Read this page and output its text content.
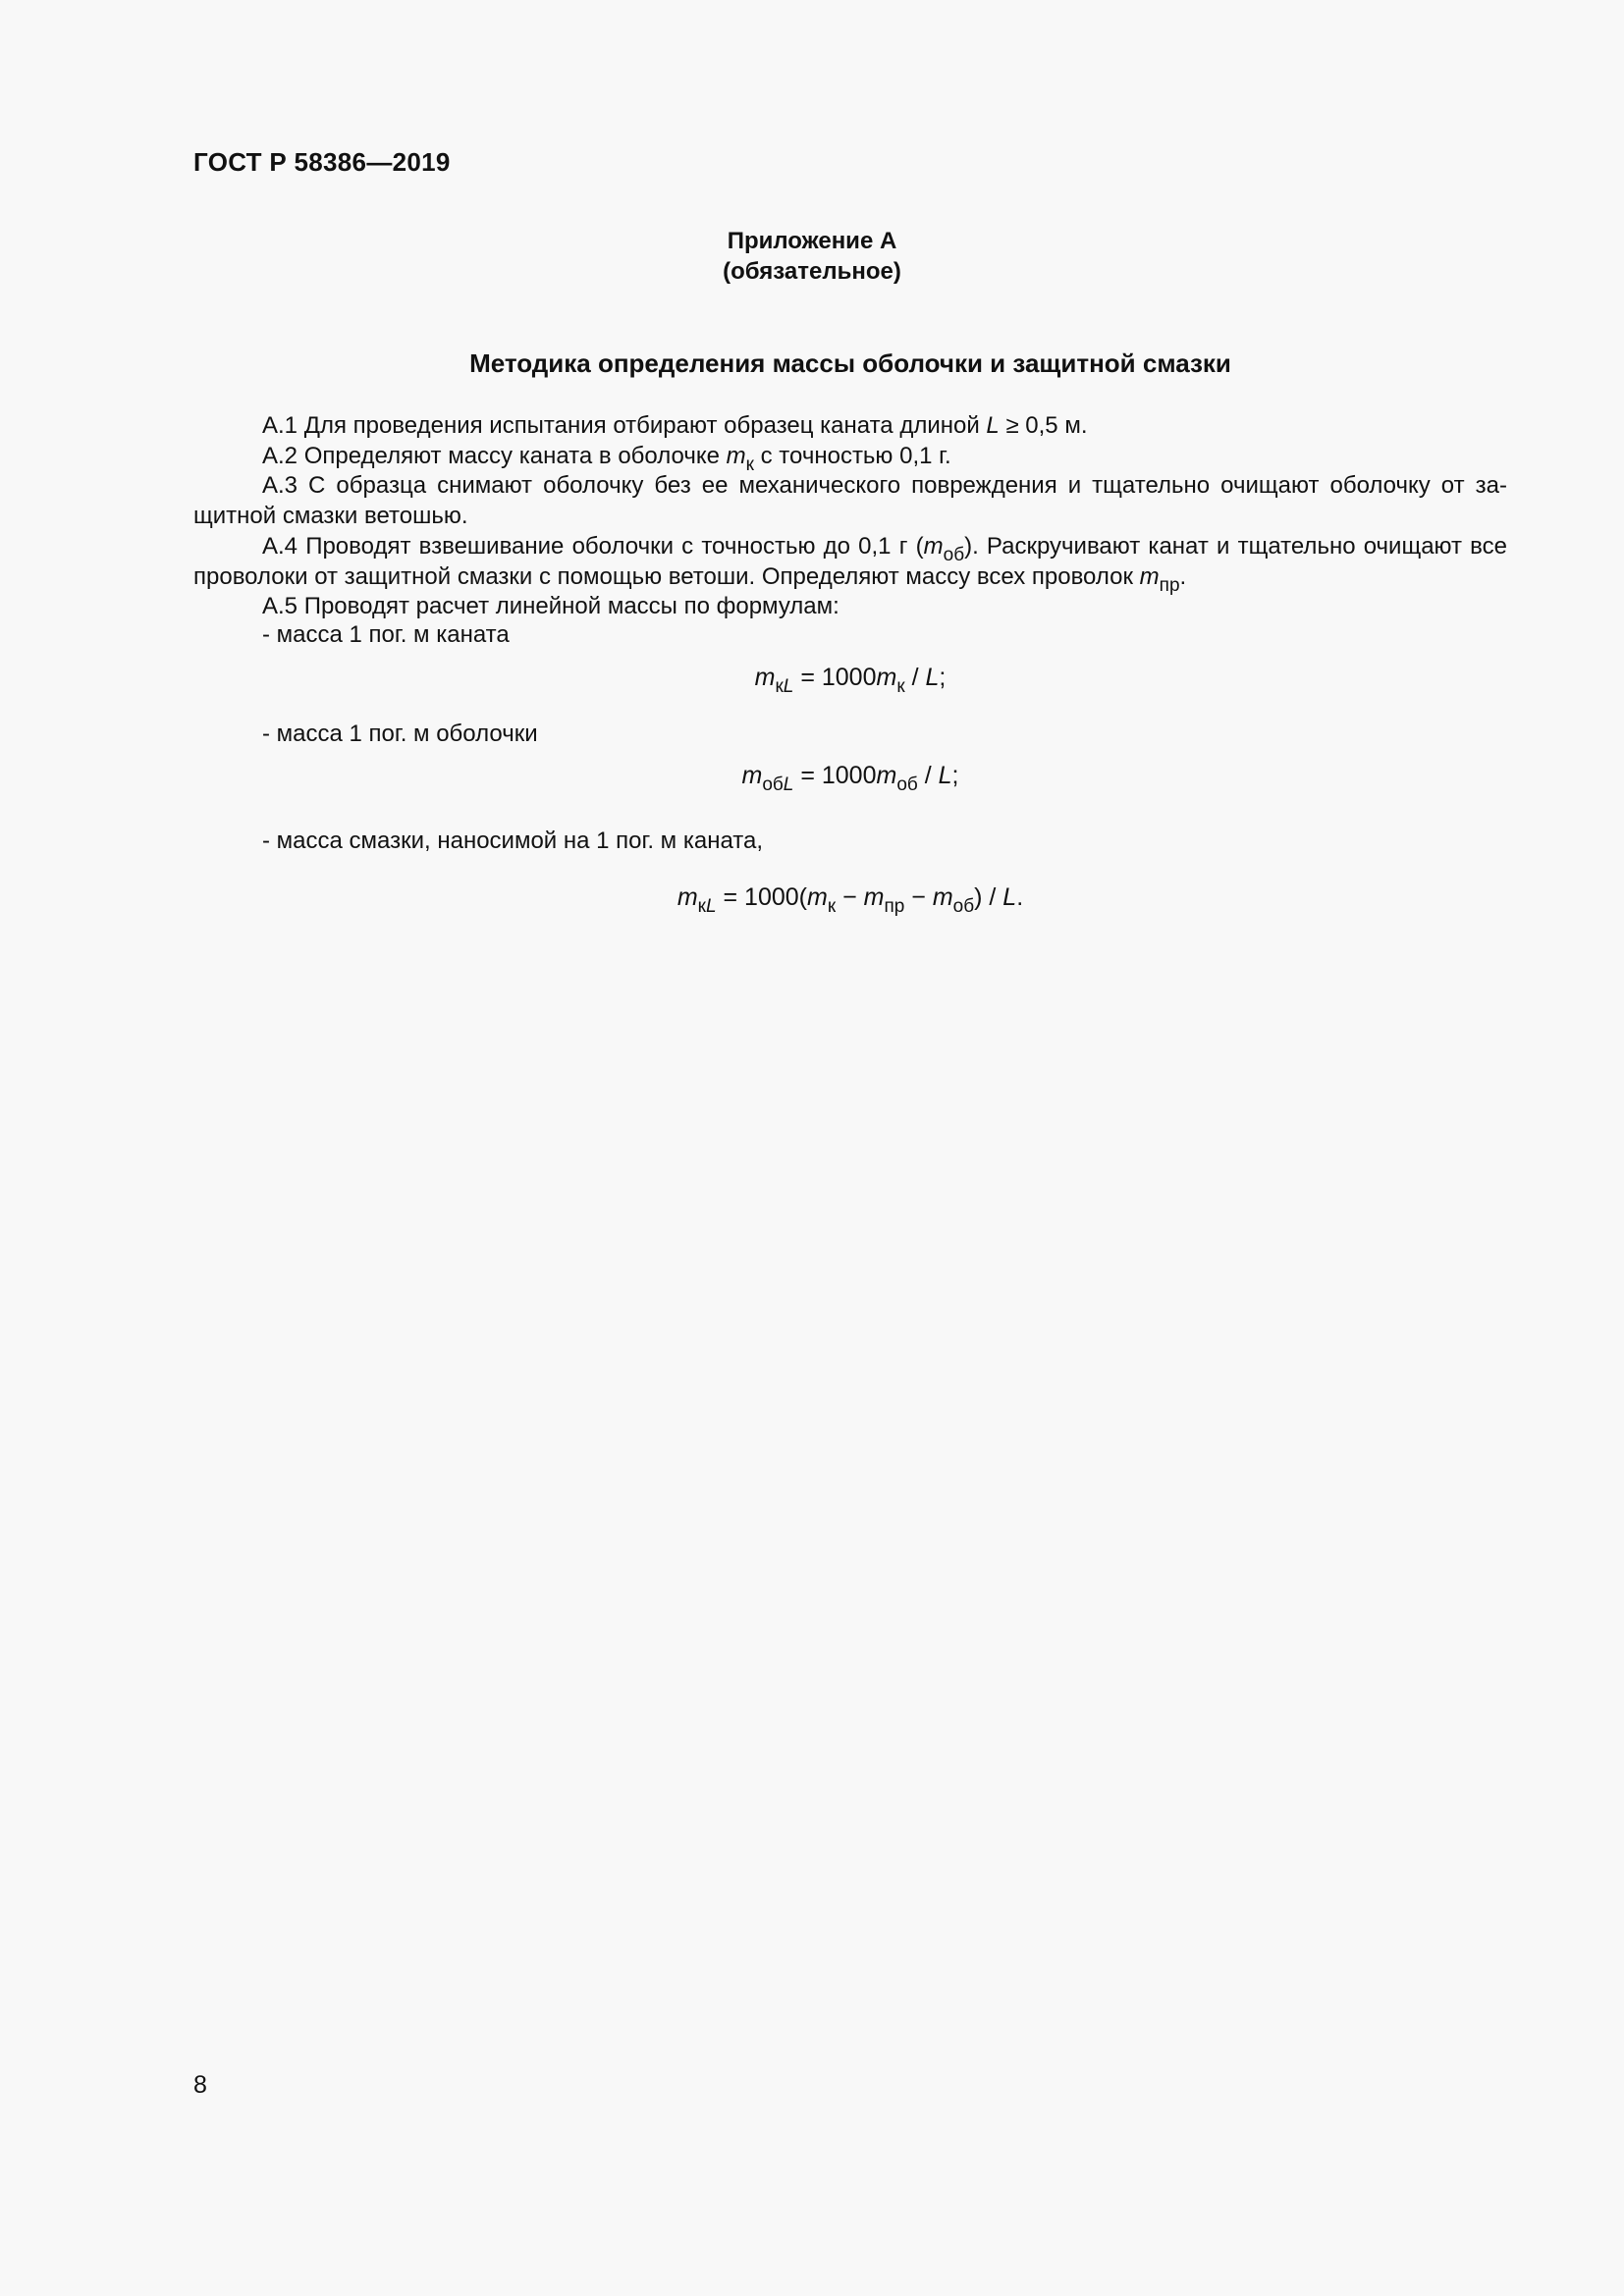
ГОСТ Р 58386—2019
Приложение А
(обязательное)
Методика определения массы оболочки и защитной смазки

А.1 Для проведения испытания отбирают образец каната длиной L ≥ 0,5 м.

А.2 Определяют массу каната в оболочке $m_к$ с точностью 0,1 г.

А.3 С образца снимают оболочку без ее механического повреждения и тщательно очищают оболочку от за-щитной смазки ветошью.

А.4 Проводят взвешивание оболочки с точностью до 0,1 г $(m_{об})$. Раскручивают канат и тщательно очищают все проволоки от защитной смазки с помощью ветоши. Определяют массу всех проволок $m_{пр}$.

А.5 Проводят расчет линейной массы по формулам:

- масса 1 пог. м каната
$m_{кL} = 1000m_к / L$;
- масса 1 пог. м оболочки
$m_{обL} = 1000m_{об} / L$;
- масса смазки, наносимой на 1 пог. м каната,
$m_{кL} = 1000(m_к - m_{пр} - m_{об}) / L$.
8
